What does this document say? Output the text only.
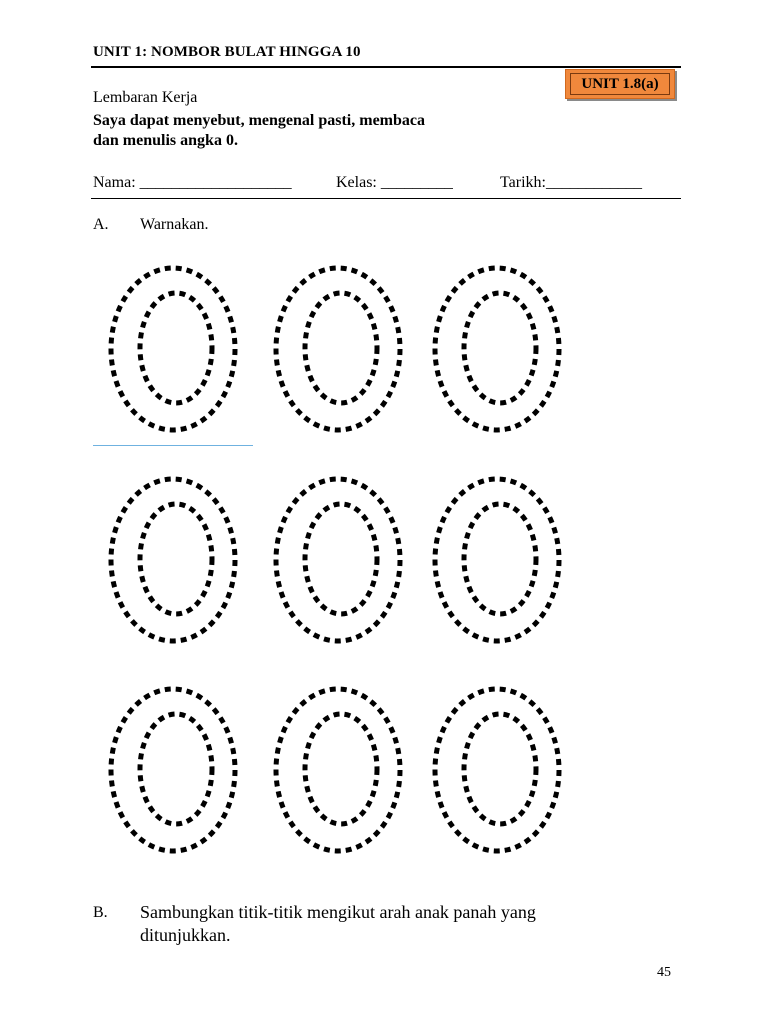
UNIT 1: NOMBOR BULAT HINGGA 10
UNIT 1.8(a)
Lembaran Kerja
Saya dapat menyebut, mengenal pasti, membaca
dan menulis angka 0.
Nama: ___________________	Kelas: _________	Tarikh:____________
A. Warnakan.
B. Sambungkan titik-titik mengikut arah anak panah yang
ditunjukkan.
45
